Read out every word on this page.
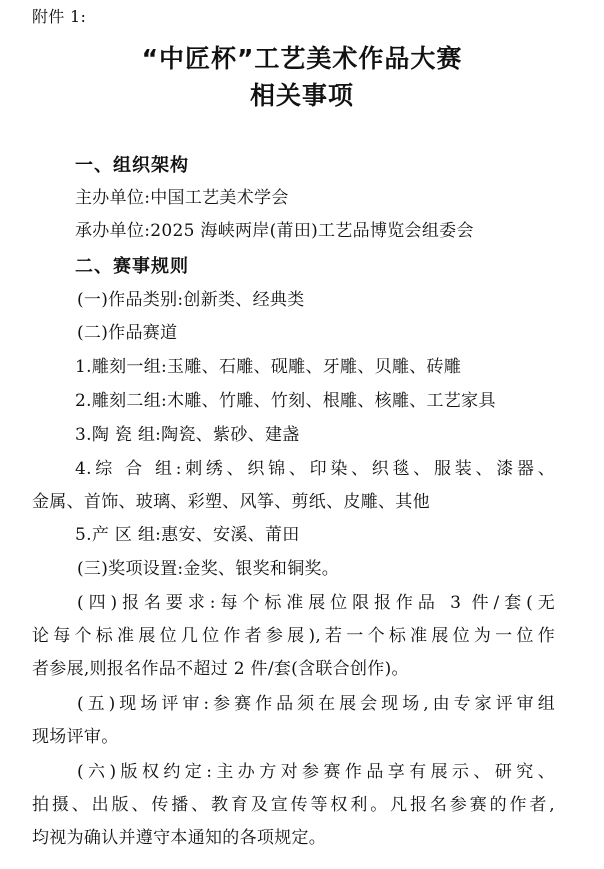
附件 1:
“中匠杯”工艺美术作品大赛
相关事项
一、组织架构
主办单位:中国工艺美术学会
承办单位:2025 海峡两岸(莆田)工艺品博览会组委会
二、赛事规则
(一)作品类别:创新类、经典类
(二)作品赛道
1.雕刻一组:玉雕、石雕、砚雕、牙雕、贝雕、砖雕
2.雕刻二组:木雕、竹雕、竹刻、根雕、核雕、工艺家具
3.陶 瓷 组:陶瓷、紫砂、建盏
4.综 合 组:刺绣、织锦、印染、织毯、服装、漆器、
金属、首饰、玻璃、彩塑、风筝、剪纸、皮雕、其他
5.产 区 组:惠安、安溪、莆田
(三)奖项设置:金奖、银奖和铜奖。
(四)报名要求:每个标准展位限报作品 3 件/套(无
论每个标准展位几位作者参展),若一个标准展位为一位作
者参展,则报名作品不超过 2 件/套(含联合创作)。
(五)现场评审:参赛作品须在展会现场,由专家评审组
现场评审。
(六)版权约定:主办方对参赛作品享有展示、研究、
拍摄、出版、传播、教育及宣传等权利。凡报名参赛的作者,
均视为确认并遵守本通知的各项规定。
